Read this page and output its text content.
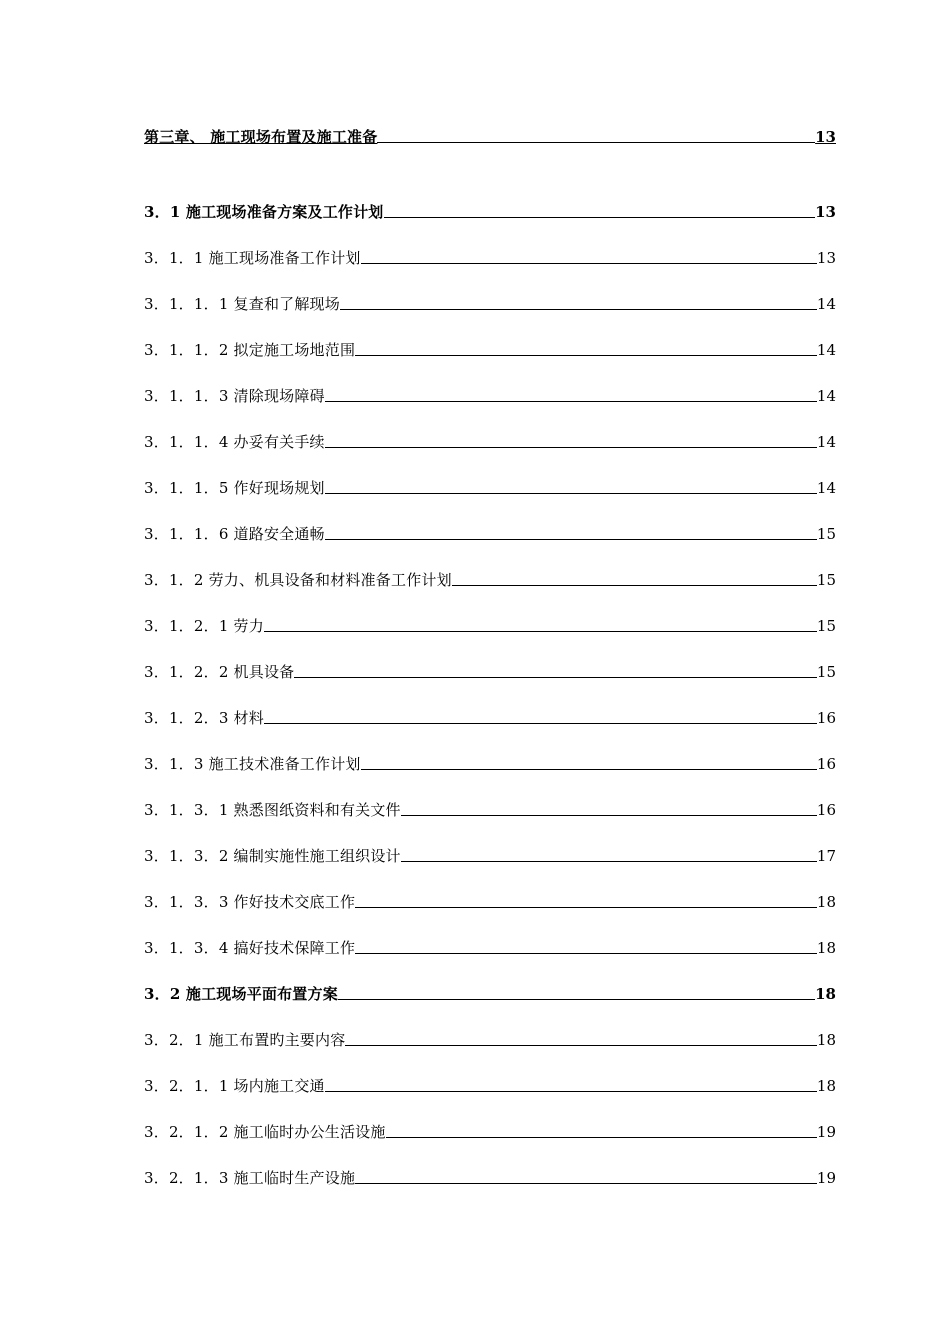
第三章、 施工现场布置及施工准备	13
3．1 施工现场准备方案及工作计划	13
3．1．1 施工现场准备工作计划	13
3．1．1．1 复查和了解现场	14
3．1．1．2 拟定施工场地范围	14
3．1．1．3 清除现场障碍	14
3．1．1．4 办妥有关手续	14
3．1．1．5 作好现场规划	14
3．1．1．6 道路安全通畅	15
3．1．2 劳力、机具设备和材料准备工作计划	15
3．1．2．1 劳力	15
3．1．2．2 机具设备	15
3．1．2．3 材料	16
3．1．3 施工技术准备工作计划	16
3．1．3．1 熟悉图纸资料和有关文件	16
3．1．3．2 编制实施性施工组织设计	17
3．1．3．3 作好技术交底工作	18
3．1．3．4 搞好技术保障工作	18
3．2 施工现场平面布置方案	18
3．2．1 施工布置旳主要内容	18
3．2．1．1 场内施工交通	18
3．2．1．2 施工临时办公生活设施	19
3．2．1．3 施工临时生产设施	19
